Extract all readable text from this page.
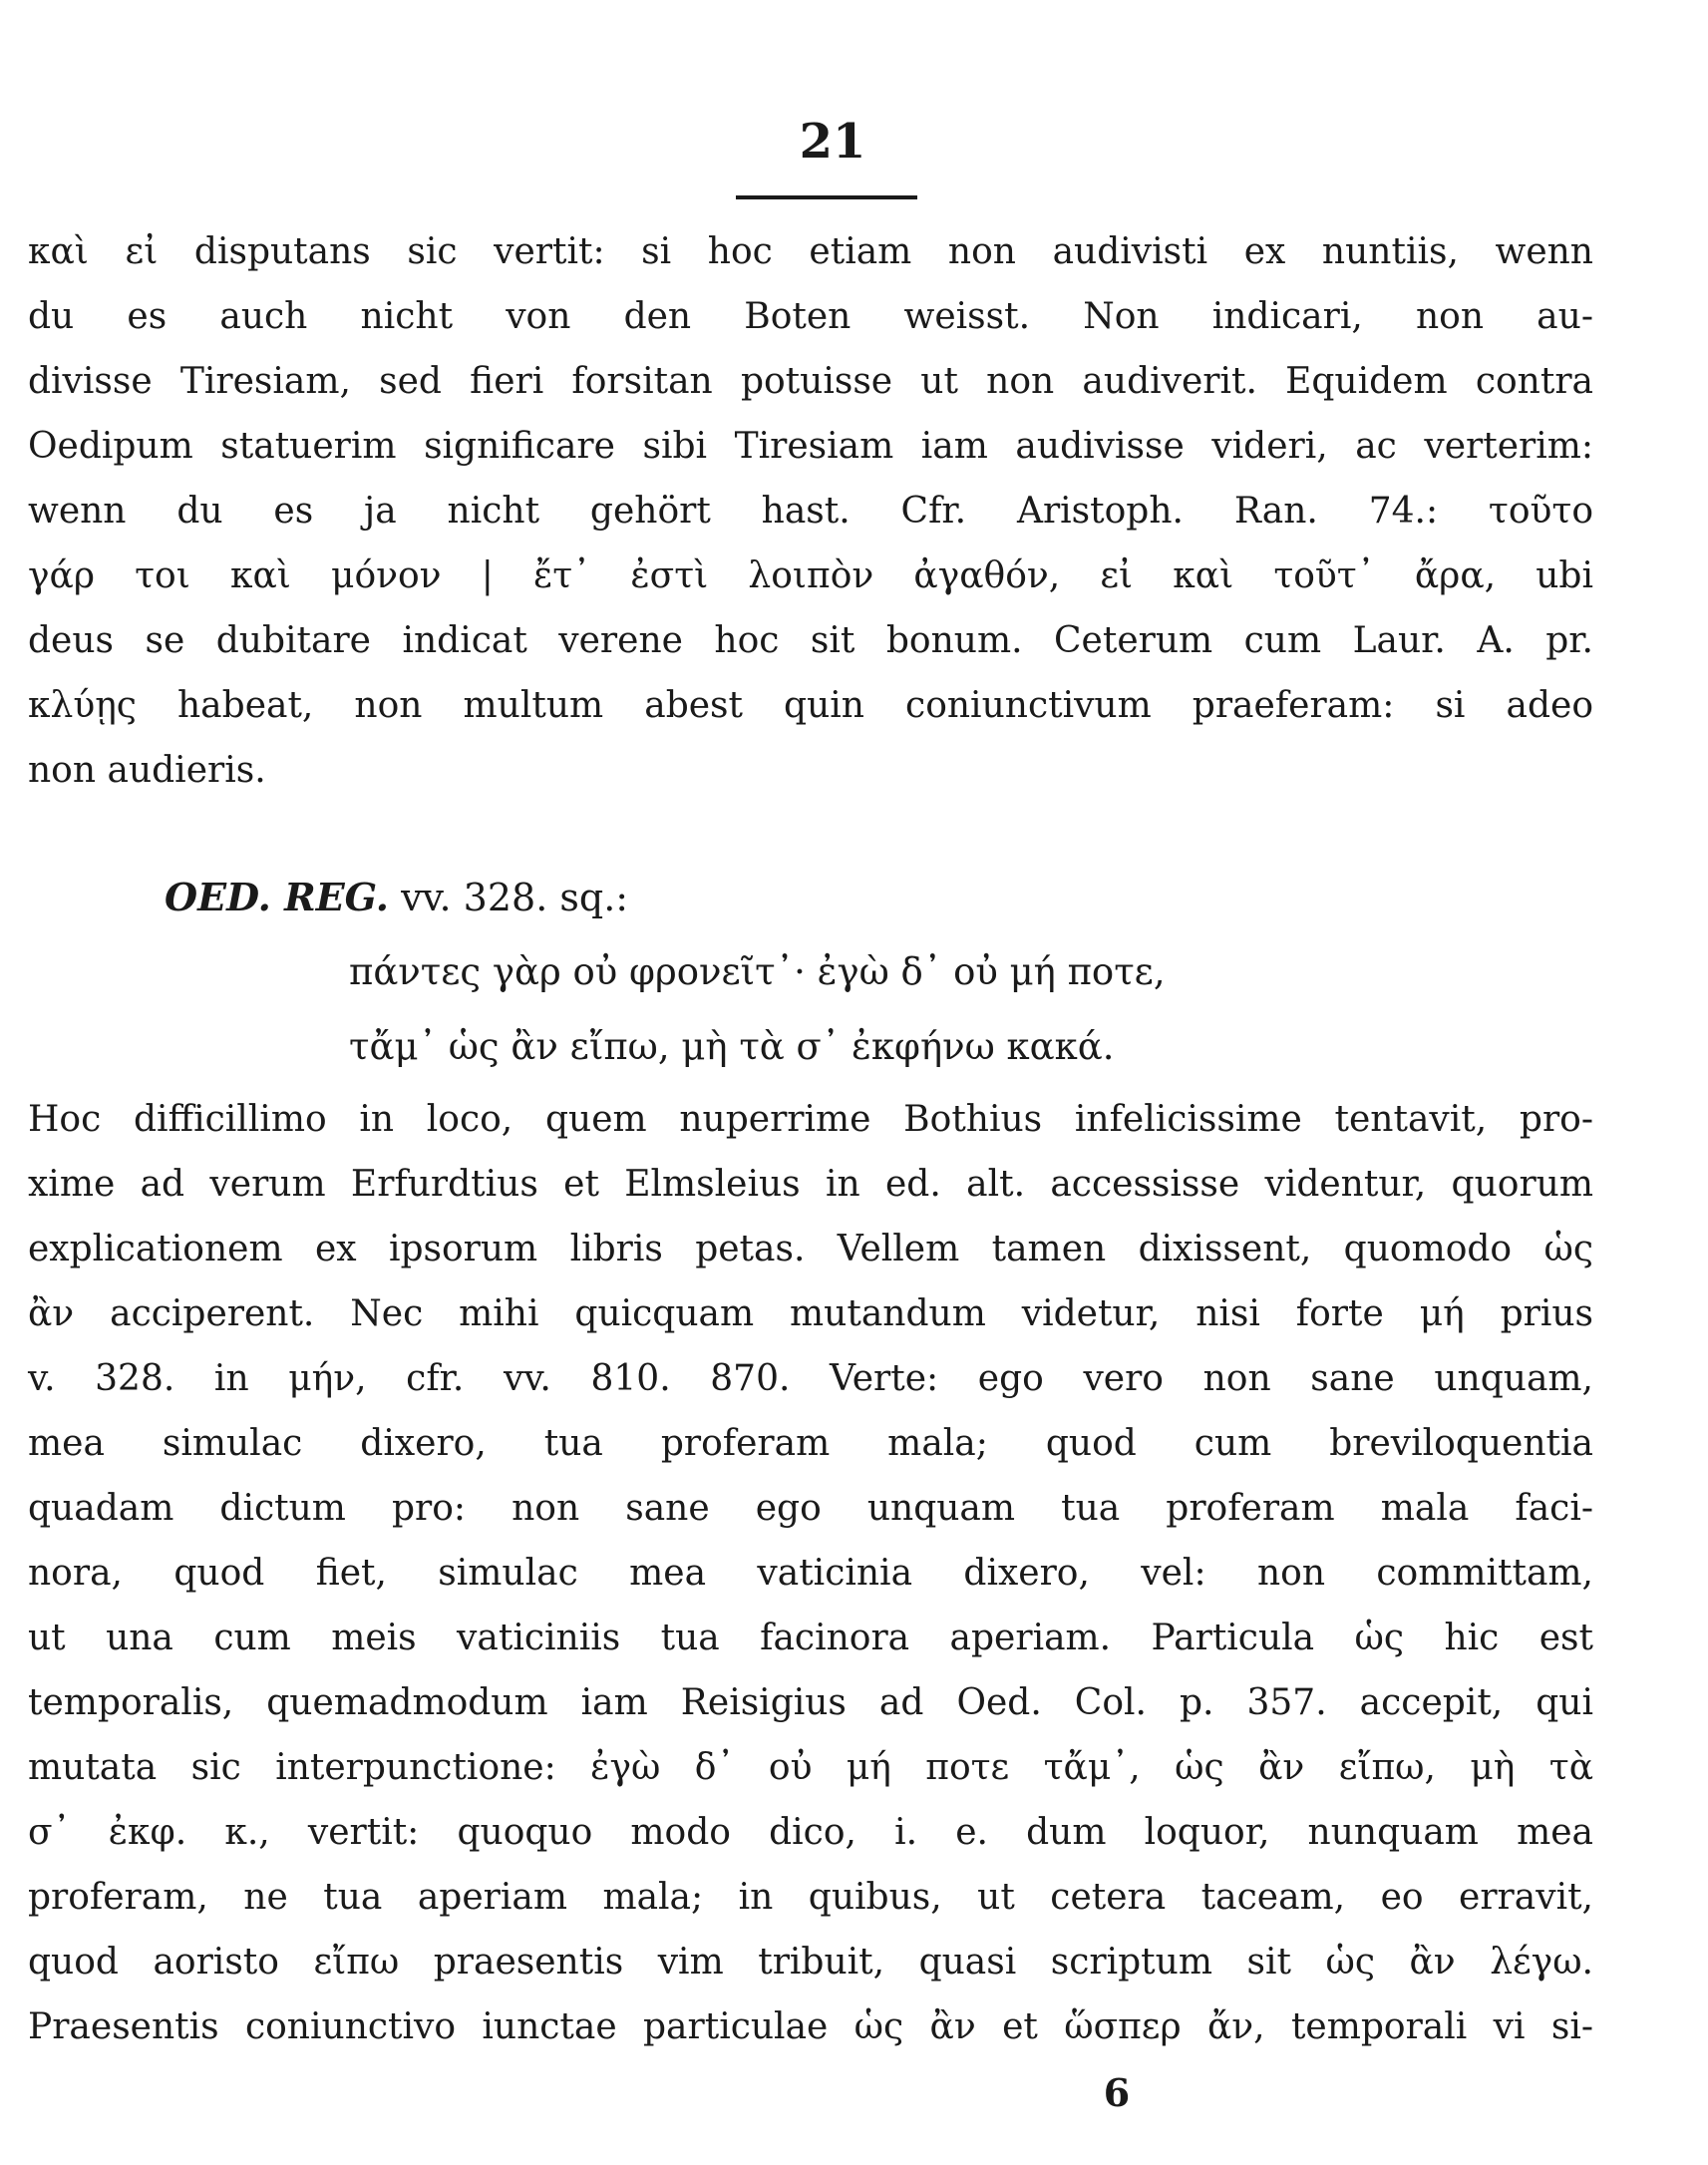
21
καὶ εἰ disputans sic vertit: si hoc etiam non audivisti ex nuntiis, wenn
du es auch nicht von den Boten weisst. Non indicari, non au-
divisse Tiresiam, sed fieri forsitan potuisse ut non audiverit. Equidem contra
Oedipum statuerim significare sibi Tiresiam iam audivisse videri, ac verterim:
wenn du es ja nicht gehört hast. Cfr. Aristoph. Ran. 74.: τοῦτο
γάρ τοι καὶ μόνον | ἔτ᾽ ἐστὶ λοιπὸν ἀγαθόν, εἰ καὶ τοῦτ᾽ ἄρα, ubi
deus se dubitare indicat verene hoc sit bonum. Ceterum cum Laur. A. pr.
κλύῃς habeat, non multum abest quin coniunctivum praeferam: si adeo
non audieris.
OED. REG. vv. 328. sq.:
πάντες γὰρ οὐ φρονεῖτ᾽· ἐγὼ δ᾽ οὐ μή ποτε,
τἄμ᾽ ὡς ἂν εἴπω, μὴ τὰ σ᾽ ἐκφήνω κακά.
Hoc difficillimo in loco, quem nuperrime Bothius infelicissime tentavit, pro-
xime ad verum Erfurdtius et Elmsleius in ed. alt. accessisse videntur, quorum
explicationem ex ipsorum libris petas. Vellem tamen dixissent, quomodo ὡς
ἂν acciperent. Nec mihi quicquam mutandum videtur, nisi forte μή prius
v. 328. in μήν, cfr. vv. 810. 870. Verte: ego vero non sane unquam,
mea simulac dixero, tua proferam mala; quod cum breviloquentia
quadam dictum pro: non sane ego unquam tua proferam mala faci-
nora, quod fiet, simulac mea vaticinia dixero, vel: non committam,
ut una cum meis vaticiniis tua facinora aperiam. Particula ὡς hic est
temporalis, quemadmodum iam Reisigius ad Oed. Col. p. 357. accepit, qui
mutata sic interpunctione: ἐγὼ δ᾽ οὐ μή ποτε τἄμ᾽, ὡς ἂν εἴπω, μὴ τὰ
σ᾽ ἐκφ. κ., vertit: quoquo modo dico, i. e. dum loquor, nunquam mea
proferam, ne tua aperiam mala; in quibus, ut cetera taceam, eo erravit,
quod aoristo εἴπω praesentis vim tribuit, quasi scriptum sit ὡς ἂν λέγω.
Praesentis coniunctivo iunctae particulae ὡς ἂν et ὥσπερ ἄν, temporali vi si-
6
